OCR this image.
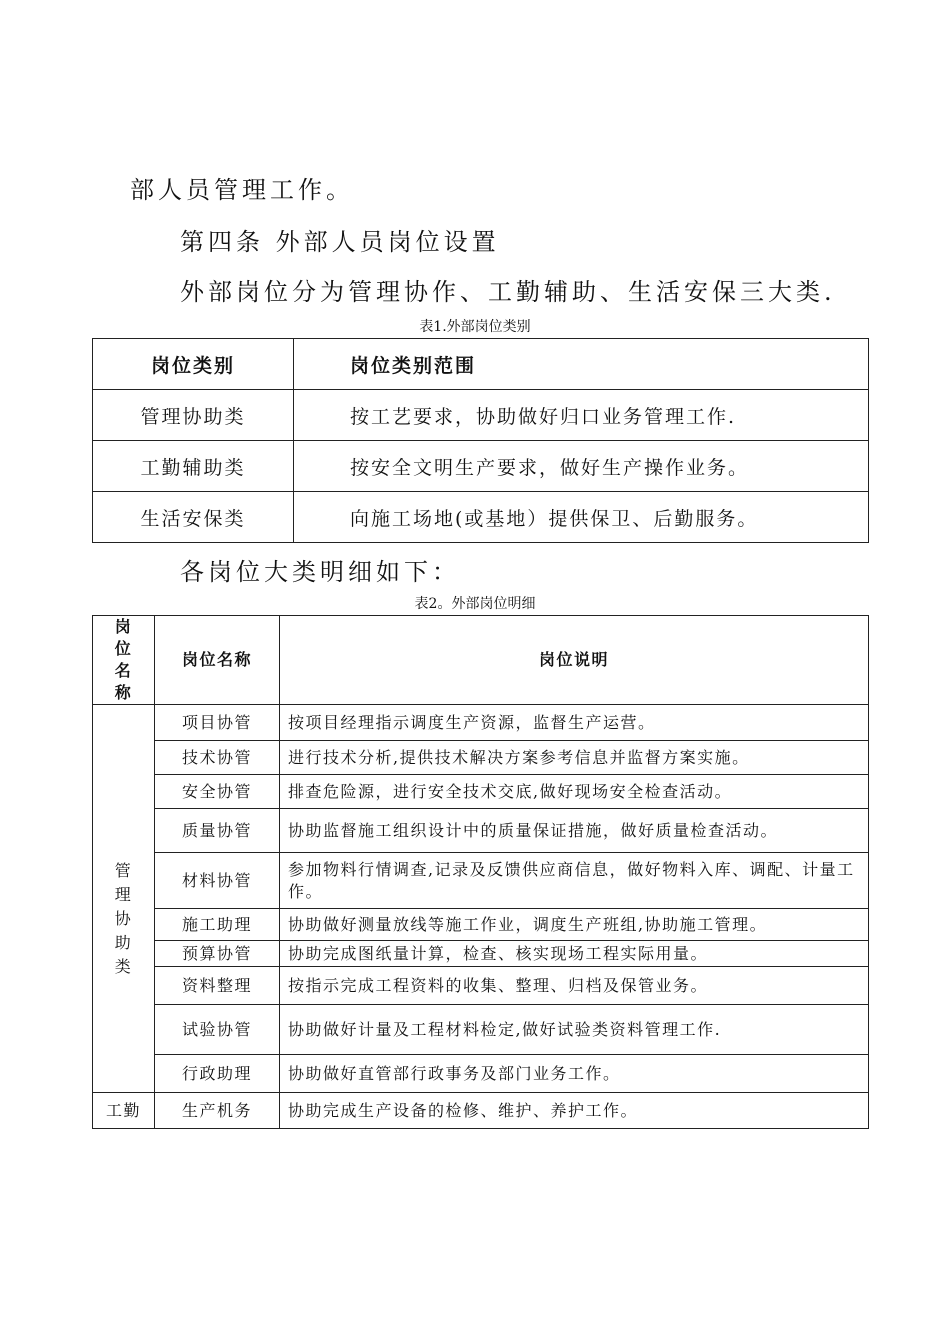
部人员管理工作。
第四条 外部人员岗位设置
外部岗位分为管理协作、工勤辅助、生活安保三大类.
表1.外部岗位类别
岗位类别	岗位类别范围
管理协助类	按工艺要求，协助做好归口业务管理工作.
工勤辅助类	按安全文明生产要求，做好生产操作业务。
生活安保类	向施工场地(或基地）提供保卫、后勤服务。
各岗位大类明细如下：
表2。外部岗位明细
岗位名称	岗位名称	岗位说明
管理协助类	项目协管	按项目经理指示调度生产资源，监督生产运营。
	技术协管	进行技术分析,提供技术解决方案参考信息并监督方案实施。
	安全协管	排查危险源，进行安全技术交底,做好现场安全检查活动。
	质量协管	协助监督施工组织设计中的质量保证措施，做好质量检查活动。
	材料协管	参加物料行情调查,记录及反馈供应商信息，做好物料入库、调配、计量工作。
	施工助理	协助做好测量放线等施工作业，调度生产班组,协助施工管理。
	预算协管	协助完成图纸量计算，检查、核实现场工程实际用量。
	资料整理	按指示完成工程资料的收集、整理、归档及保管业务。
	试验协管	协助做好计量及工程材料检定,做好试验类资料管理工作.
	行政助理	协助做好直管部行政事务及部门业务工作。
工勤	生产机务	协助完成生产设备的检修、维护、养护工作。
